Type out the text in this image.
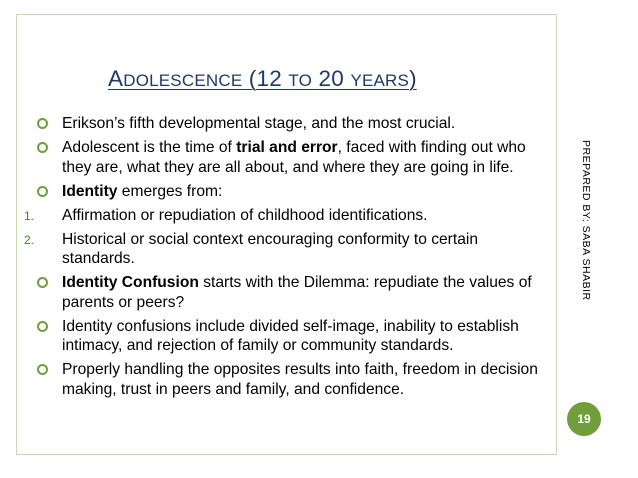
ADOLESCENCE (12 TO 20 YEARS)
Erikson’s fifth developmental stage, and the most crucial.
Adolescent is the time of trial and error, faced with finding out who they are, what they are all about, and where they are going in life.
Identity emerges from:
1. Affirmation or repudiation of childhood identifications.
2. Historical or social context encouraging conformity to certain standards.
Identity Confusion starts with the Dilemma: repudiate the values of parents or peers?
Identity confusions include divided self-image, inability to establish intimacy, and rejection of family or community standards.
Properly handling the opposites results into faith, freedom in decision making, trust in peers and family, and confidence.
PREPARED BY: SABA SHABIR
19
